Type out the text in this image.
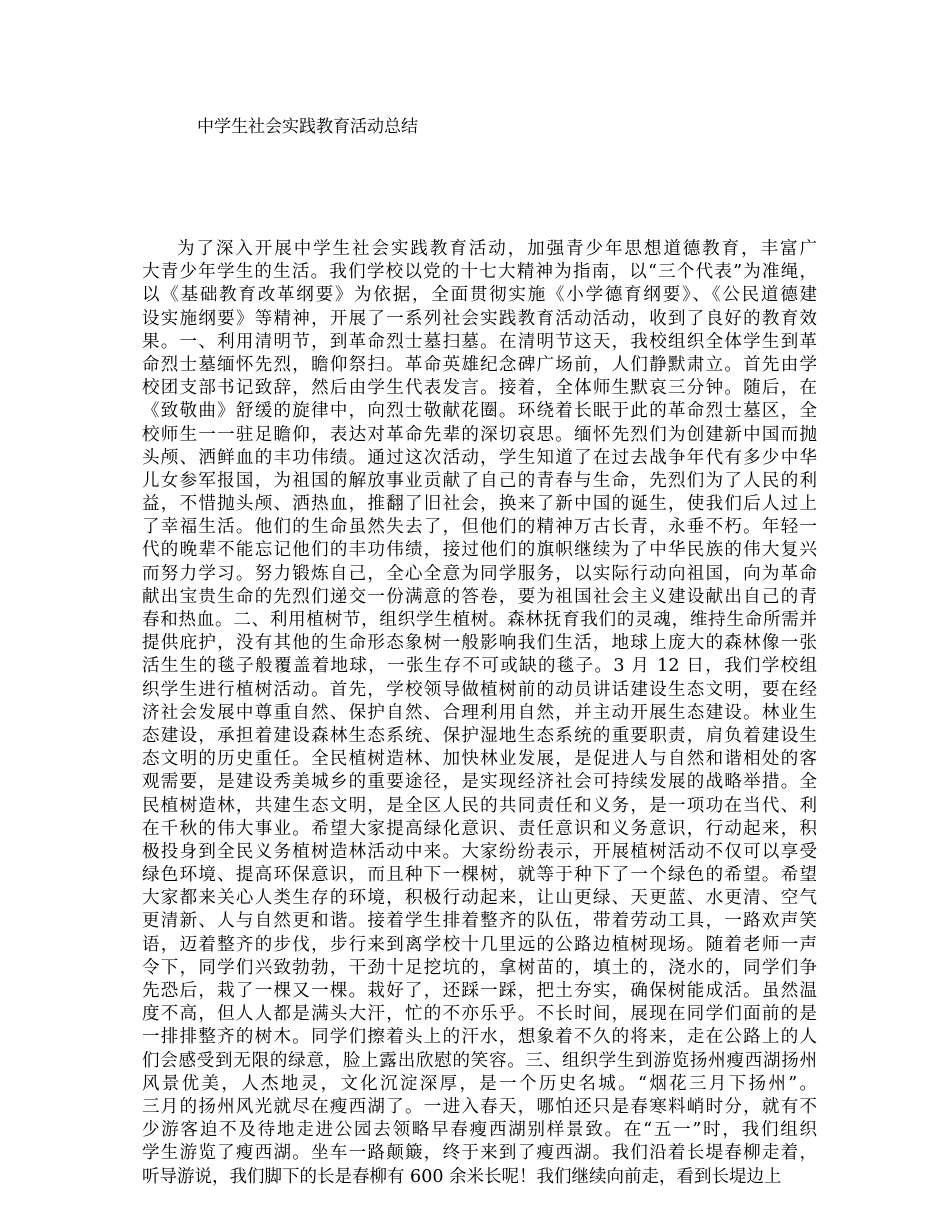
中学生社会实践教育活动总结
为了深入开展中学生社会实践教育活动，加强青少年思想道德教育，丰富广
大青少年学生的生活。我们学校以党的十七大精神为指南，以“三个代表”为准绳，
以《基础教育改革纲要》为依据，全面贯彻实施《小学德育纲要》、《公民道德建
设实施纲要》等精神，开展了一系列社会实践教育活动活动，收到了良好的教育效
果。一、利用清明节，到革命烈士墓扫墓。在清明节这天，我校组织全体学生到革
命烈士墓缅怀先烈，瞻仰祭扫。革命英雄纪念碑广场前，人们静默肃立。首先由学
校团支部书记致辞，然后由学生代表发言。接着，全体师生默哀三分钟。随后，在
《致敬曲》舒缓的旋律中，向烈士敬献花圈。环绕着长眠于此的革命烈士墓区，全
校师生一一驻足瞻仰，表达对革命先辈的深切哀思。缅怀先烈们为创建新中国而抛
头颅、洒鲜血的丰功伟绩。通过这次活动，学生知道了在过去战争年代有多少中华
儿女参军报国，为祖国的解放事业贡献了自己的青春与生命，先烈们为了人民的利
益，不惜抛头颅、洒热血，推翻了旧社会，换来了新中国的诞生，使我们后人过上
了幸福生活。他们的生命虽然失去了，但他们的精神万古长青，永垂不朽。年轻一
代的晚辈不能忘记他们的丰功伟绩，接过他们的旗帜继续为了中华民族的伟大复兴
而努力学习。努力锻炼自己，全心全意为同学服务，以实际行动向祖国，向为革命
献出宝贵生命的先烈们递交一份满意的答卷，要为祖国社会主义建设献出自己的青
春和热血。二、利用植树节，组织学生植树。森林抚育我们的灵魂，维持生命所需并
提供庇护，没有其他的生命形态象树一般影响我们生活，地球上庞大的森林像一张
活生生的毯子般覆盖着地球，一张生存不可或缺的毯子。3 月 12 日，我们学校组
织学生进行植树活动。首先，学校领导做植树前的动员讲话建设生态文明，要在经
济社会发展中尊重自然、保护自然、合理利用自然，并主动开展生态建设。林业生
态建设，承担着建设森林生态系统、保护湿地生态系统的重要职责，肩负着建设生
态文明的历史重任。全民植树造林、加快林业发展，是促进人与自然和谐相处的客
观需要，是建设秀美城乡的重要途径，是实现经济社会可持续发展的战略举措。全
民植树造林，共建生态文明，是全区人民的共同责任和义务，是一项功在当代、利
在千秋的伟大事业。希望大家提高绿化意识、责任意识和义务意识，行动起来，积
极投身到全民义务植树造林活动中来。大家纷纷表示，开展植树活动不仅可以享受
绿色环境、提高环保意识，而且种下一棵树，就等于种下了一个绿色的希望。希望
大家都来关心人类生存的环境，积极行动起来，让山更绿、天更蓝、水更清、空气
更清新、人与自然更和谐。接着学生排着整齐的队伍，带着劳动工具，一路欢声笑
语，迈着整齐的步伐，步行来到离学校十几里远的公路边植树现场。随着老师一声
令下，同学们兴致勃勃，干劲十足挖坑的，拿树苗的，填土的，浇水的，同学们争
先恐后，栽了一棵又一棵。栽好了，还踩一踩，把土夯实，确保树能成活。虽然温
度不高，但人人都是满头大汗，忙的不亦乐乎。不长时间，展现在同学们面前的是
一排排整齐的树木。同学们擦着头上的汗水，想象着不久的将来，走在公路上的人
们会感受到无限的绿意，脸上露出欣慰的笑容。三、组织学生到游览扬州瘦西湖扬州
风景优美，人杰地灵，文化沉淀深厚，是一个历史名城。“烟花三月下扬州”。
三月的扬州风光就尽在瘦西湖了。一进入春天，哪怕还只是春寒料峭时分，就有不
少游客迫不及待地走进公园去领略早春瘦西湖别样景致。在“五一”时，我们组织
学生游览了瘦西湖。坐车一路颠簸，终于来到了瘦西湖。我们沿着长堤春柳走着，
听导游说，我们脚下的长是春柳有 600 余米长呢！我们继续向前走，看到长堤边上
